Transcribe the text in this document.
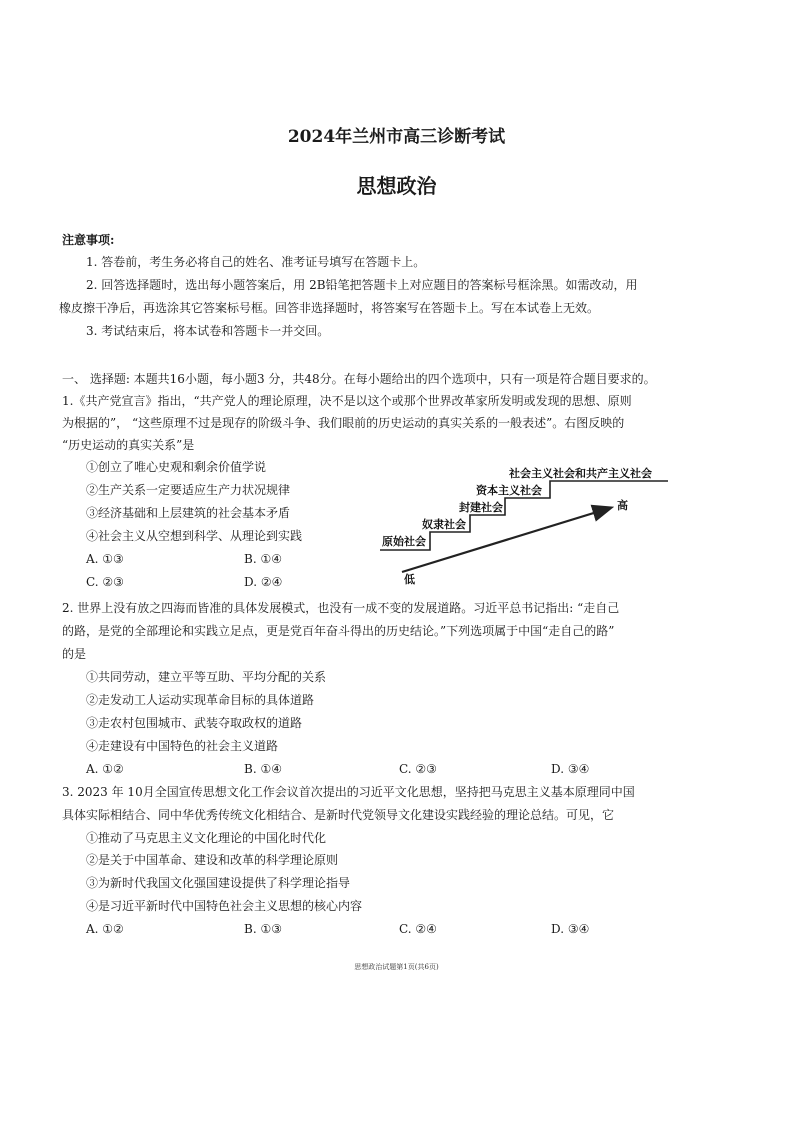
2024年兰州市高三诊断考试
思想政治
注意事项:
1. 答卷前，考生务必将自己的姓名、准考证号填写在答题卡上。
2. 回答选择题时，选出每小题答案后，用 2B铅笔把答题卡上对应题目的答案标号框涂黑。如需改动，用
橡皮擦干净后，再选涂其它答案标号框。回答非选择题时，将答案写在答题卡上。写在本试卷上无效。
3. 考试结束后，将本试卷和答题卡一并交回。
一、 选择题: 本题共16小题，每小题3 分，共48分。在每小题给出的四个选项中，只有一项是符合题目要求的。
1.《共产党宣言》指出，“共产党人的理论原理，决不是以这个或那个世界改革家所发明或发现的思想、原则
为根据的”， “这些原理不过是现存的阶级斗争、我们眼前的历史运动的真实关系的一般表述”。右图反映的
“历史运动的真实关系”是
①创立了唯心史观和剩余价值学说
②生产关系一定要适应生产力状况规律
③经济基础和上层建筑的社会基本矛盾
④社会主义从空想到科学、从理论到实践
A. ①③	B. ①④
C. ②③	D. ②④
原始社会
奴隶社会
封建社会
资本主义社会
社会主义社会和共产主义社会
高
低
2. 世界上没有放之四海而皆准的具体发展模式，也没有一成不变的发展道路。习近平总书记指出: “走自己
的路，是党的全部理论和实践立足点，更是党百年奋斗得出的历史结论。”下列选项属于中国“走自己的路”
的是
①共同劳动，建立平等互助、平均分配的关系
②走发动工人运动实现革命目标的具体道路
③走农村包围城市、武装夺取政权的道路
④走建设有中国特色的社会主义道路
A. ①②	B. ①④	C. ②③	D. ③④
3. 2023 年 10月全国宣传思想文化工作会议首次提出的习近平文化思想，坚持把马克思主义基本原理同中国
具体实际相结合、同中华优秀传统文化相结合、是新时代党领导文化建设实践经验的理论总结。可见，它
①推动了马克思主义文化理论的中国化时代化
②是关于中国革命、建设和改革的科学理论原则
③为新时代我国文化强国建设提供了科学理论指导
④是习近平新时代中国特色社会主义思想的核心内容
A. ①②	B. ①③	C. ②④	D. ③④
思想政治试题第1页(共6页)
